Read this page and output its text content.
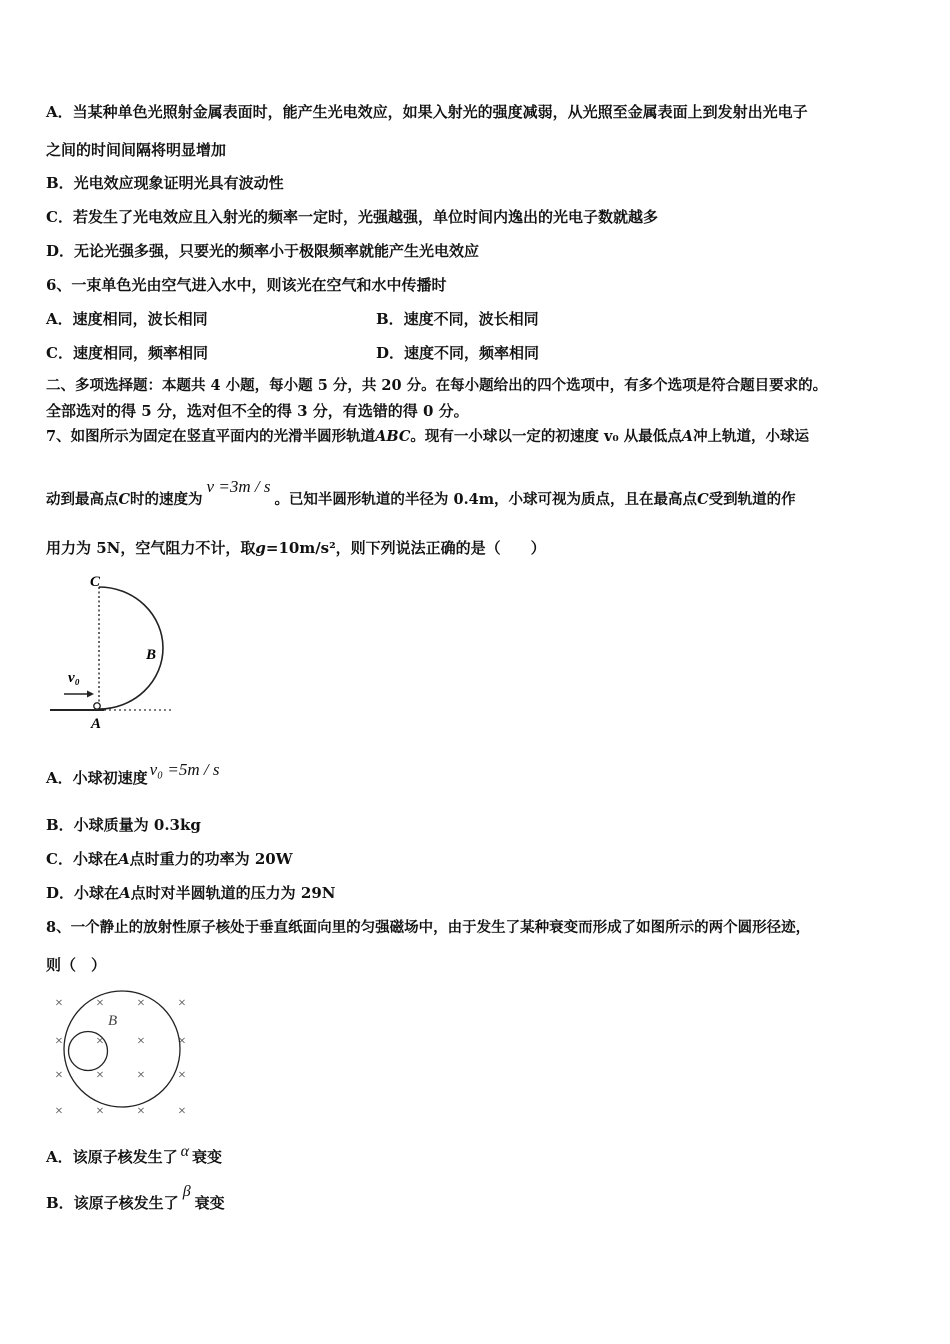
A．当某种单色光照射金属表面时，能产生光电效应，如果入射光的强度减弱，从光照至金属表面上到发射出光电子
之间的时间间隔将明显增加
B．光电效应现象证明光具有波动性
C．若发生了光电效应且入射光的频率一定时，光强越强，单位时间内逸出的光电子数就越多
D．无论光强多强，只要光的频率小于极限频率就能产生光电效应
6、一束单色光由空气进入水中，则该光在空气和水中传播时
A．速度相同，波长相同	B．速度不同，波长相同
C．速度相同，频率相同	D．速度不同，频率相同
二、多项选择题：本题共 4 小题，每小题 5 分，共 20 分。在每小题给出的四个选项中，有多个选项是符合题目要求的。
全部选对的得 5 分，选对但不全的得 3 分，有选错的得 0 分。
7、如图所示为固定在竖直平面内的光滑半圆形轨道ABC。现有一小球以一定的初速度 v₀ 从最低点A冲上轨道，小球运
动到最高点C时的速度为v =3m / s。已知半圆形轨道的半径为 0.4m，小球可视为质点，且在最高点C受到轨道的作
用力为 5N，空气阻力不计，取g=10m/s²，则下列说法正确的是（　　）
C
B
A
v₀
A．小球初速度 v₀ =5m / s
B．小球质量为 0.3kg
C．小球在A点时重力的功率为 20W
D．小球在A点时对半圆轨道的压力为 29N
8、一个静止的放射性原子核处于垂直纸面向里的匀强磁场中，由于发生了某种衰变而形成了如图所示的两个圆形径迹，
则（　）
B
× × × ×
× × × ×
× × × ×
× × × ×
A．该原子核发生了 α 衰变
B．该原子核发生了β衰变
